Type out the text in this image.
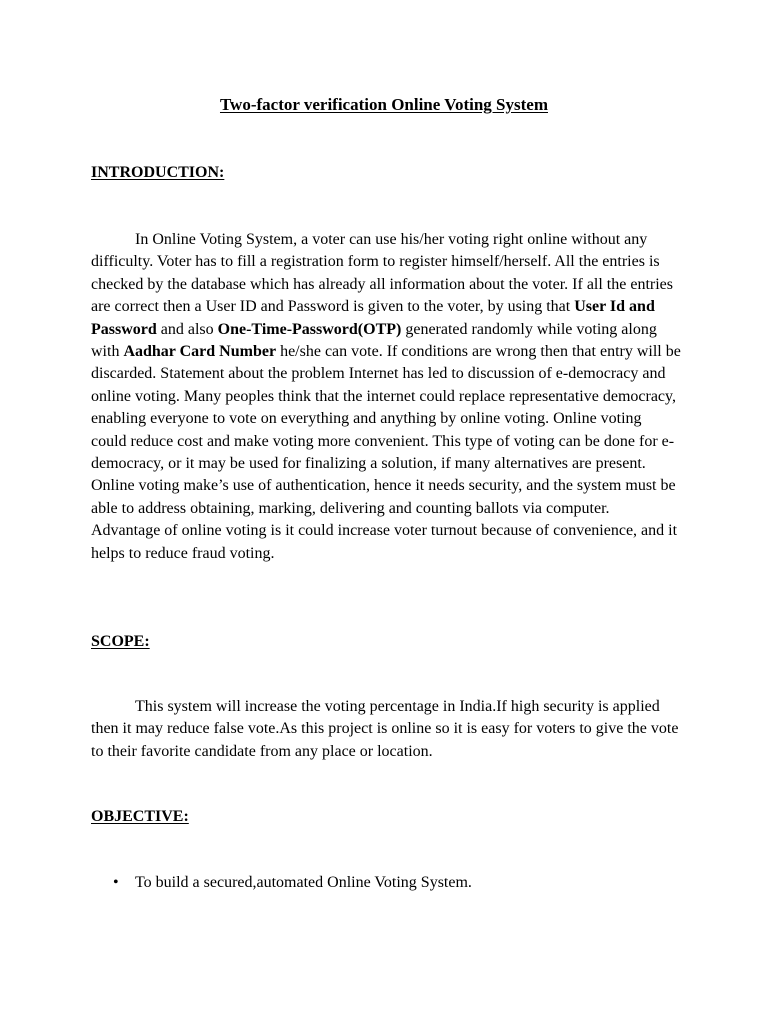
Two-factor verification Online Voting System
INTRODUCTION:

In Online Voting System, a voter can use his/her voting right online without any difficulty. Voter has to fill a registration form to register himself/herself. All the entries is checked by the database which has already all information about the voter. If all the entries are correct then a User ID and Password is given to the voter, by using that User Id and Password and also One-Time-Password(OTP) generated randomly while voting along with Aadhar Card Number he/she can vote. If conditions are wrong then that entry will be discarded. Statement about the problem Internet has led to discussion of e-democracy and online voting. Many peoples think that the internet could replace representative democracy, enabling everyone to vote on everything and anything by online voting. Online voting could reduce cost and make voting more convenient. This type of voting can be done for e-democracy, or it may be used for finalizing a solution, if many alternatives are present. Online voting make’s use of authentication, hence it needs security, and the system must be able to address obtaining, marking, delivering and counting ballots via computer. Advantage of online voting is it could increase voter turnout because of convenience, and it helps to reduce fraud voting.

SCOPE:

This system will increase the voting percentage in India.If high security is applied then it may reduce false vote.As this project is online so it is easy for voters to give the vote to their favorite candidate from any place or location.

OBJECTIVE:
• To build a secured,automated Online Voting System.
